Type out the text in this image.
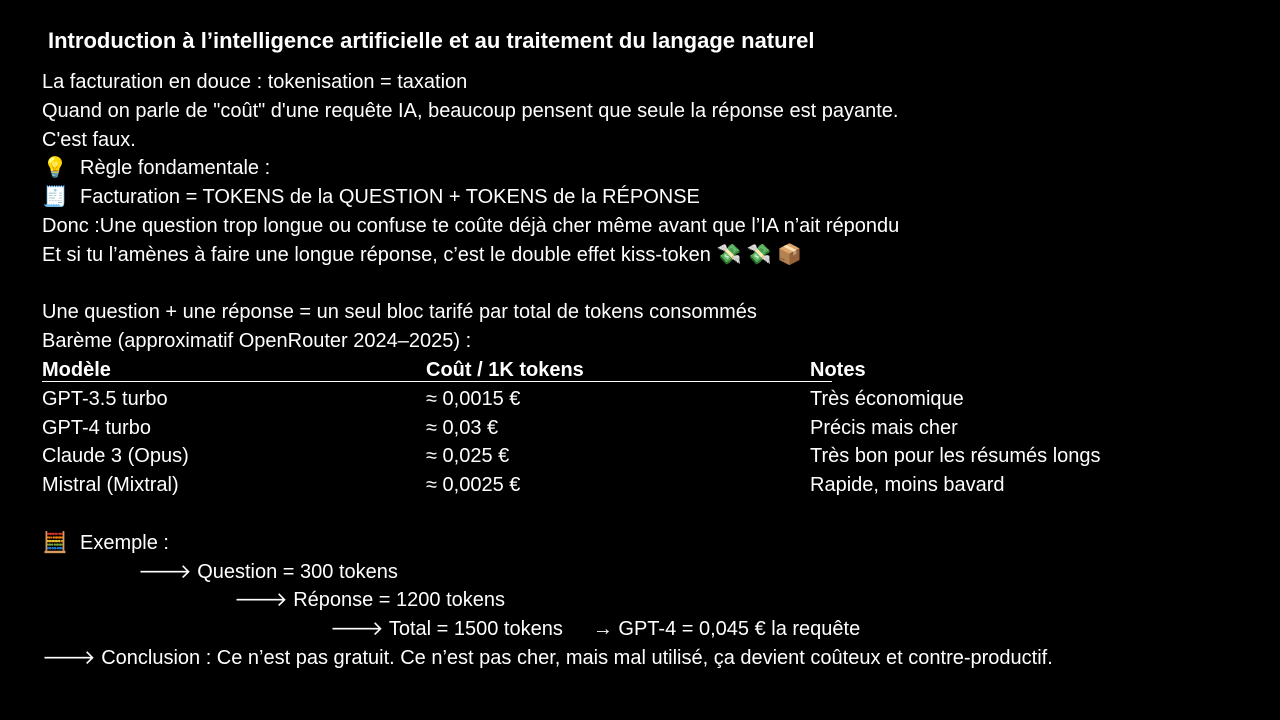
Introduction à l’intelligence artificielle et au traitement du langage naturel
La facturation en douce : tokenisation = taxation
Quand on parle de "coût" d'une requête IA, beaucoup pensent que seule la réponse est payante.
C'est faux.
💡 Règle fondamentale :
🧾 Facturation = TOKENS de la QUESTION + TOKENS de la RÉPONSE
Donc :Une question trop longue ou confuse te coûte déjà cher même avant que l’IA n’ait répondu
Et si tu l’amènes à faire une longue réponse, c’est le double effet kiss-token 💸 💸 📦
Une question + une réponse = un seul bloc tarifé par total de tokens consommés
Barème (approximatif OpenRouter 2024–2025) :
Modèle	Coût / 1K tokens	Notes
GPT-3.5 turbo	≈ 0,0015 €	Très économique
GPT-4 turbo	≈ 0,03 €	Précis mais cher
Claude 3 (Opus)	≈ 0,025 €	Très bon pour les résumés longs
Mistral (Mixtral)	≈ 0,0025 €	Rapide, moins bavard
🧮 Exemple :
🡒 Question = 300 tokens
🡒 Réponse = 1200 tokens
🡒 Total = 1500 tokens → GPT-4 = 0,045 € la requête
🡒 Conclusion : Ce n’est pas gratuit. Ce n’est pas cher, mais mal utilisé, ça devient coûteux et contre-productif.
